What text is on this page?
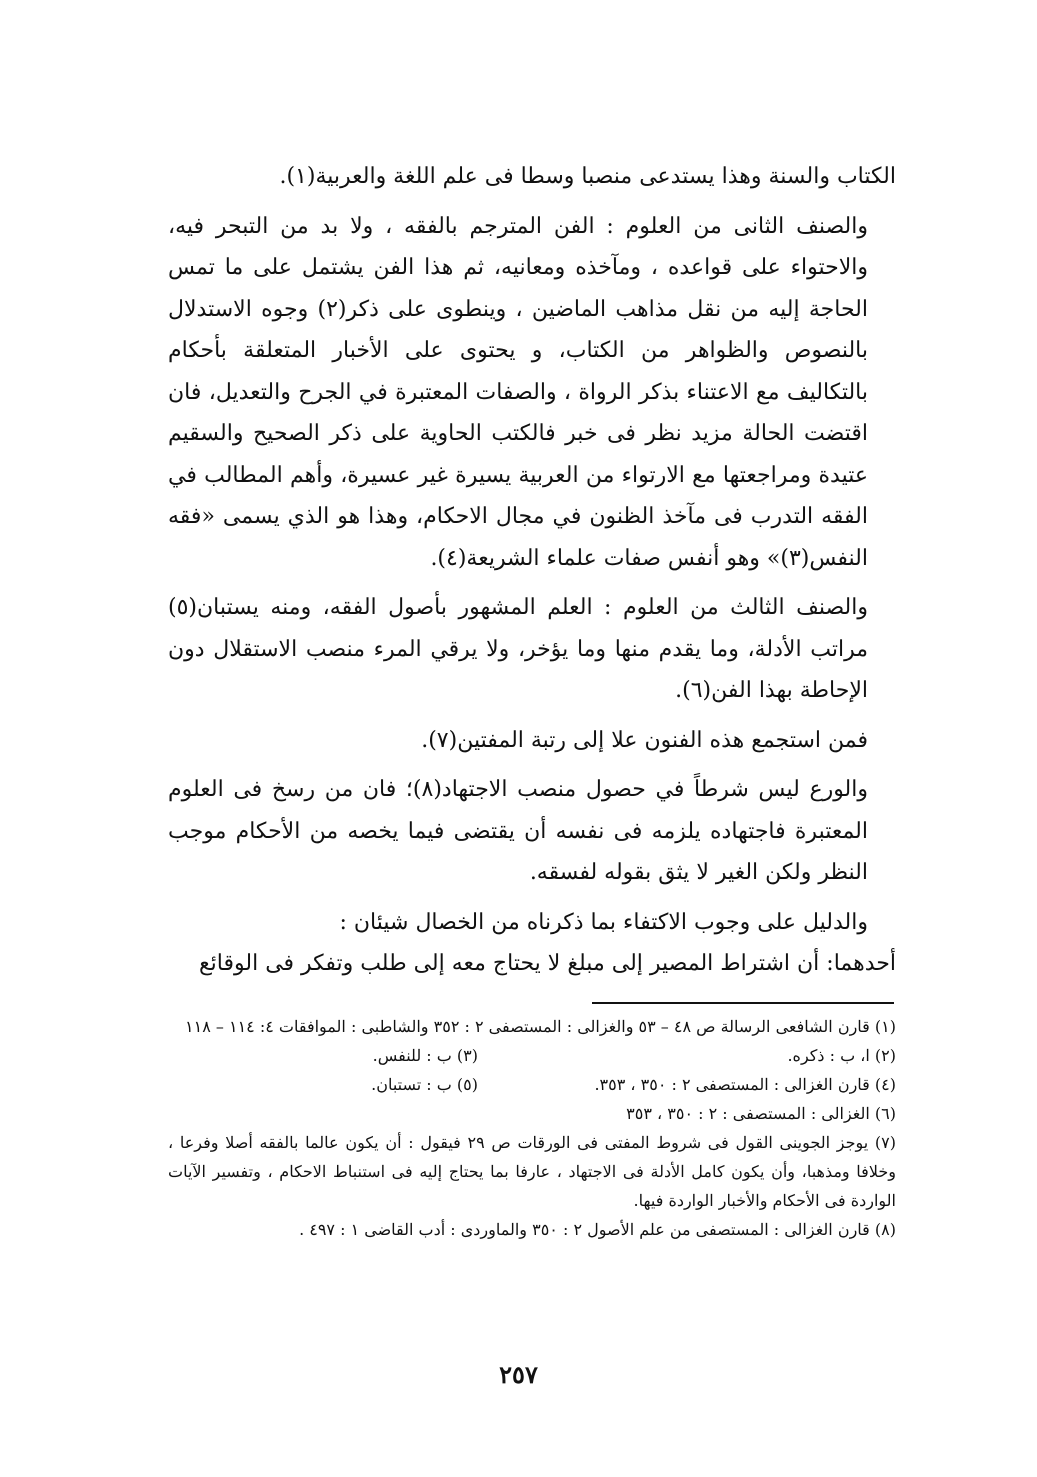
الكتاب والسنة وهذا يستدعى منصبا وسطا فى علم اللغة والعربية(١).

والصنف الثانى من العلوم : الفن المترجم بالفقه ، ولا بد من التبحر فيه، والاحتواء على قواعده ، ومآخذه ومعانيه، ثم هذا الفن يشتمل على ما تمس الحاجة إليه من نقل مذاهب الماضين ، وينطوى على ذكر(٢) وجوه الاستدلال بالنصوص والظواهر من الكتاب، و يحتوى على الأخبار المتعلقة بأحكام بالتكاليف مع الاعتناء بذكر الرواة ، والصفات المعتبرة في الجرح والتعديل، فان اقتضت الحالة مزيد نظر فى خبر فالكتب الحاوية على ذكر الصحيح والسقيم عتيدة ومراجعتها مع الارتواء من العربية يسيرة غير عسيرة، وأهم المطالب في الفقه التدرب فى مآخذ الظنون في مجال الاحكام، وهذا هو الذي يسمى «فقه النفس(٣)» وهو أنفس صفات علماء الشريعة(٤).

والصنف الثالث من العلوم : العلم المشهور بأصول الفقه، ومنه يستبان(٥) مراتب الأدلة، وما يقدم منها وما يؤخر، ولا يرقي المرء منصب الاستقلال دون الإحاطة بهذا الفن(٦).

فمن استجمع هذه الفنون علا إلى رتبة المفتين(٧).

والورع ليس شرطاً في حصول منصب الاجتهاد(٨)؛ فان من رسخ فى العلوم المعتبرة فاجتهاده يلزمه فى نفسه أن يقتضى فيما يخصه من الأحكام موجب النظر ولكن الغير لا يثق بقوله لفسقه.

والدليل على وجوب الاكتفاء بما ذكرناه من الخصال شيئان :

أحدهما: أن اشتراط المصير إلى مبلغ لا يحتاج معه إلى طلب وتفكر فى الوقائع

(١) قارن الشافعى الرسالة ص ٤٨ – ٥٣ والغزالى : المستصفى ٢ : ٣٥٢ والشاطبى : الموافقات ٤: ١١٤ – ١١٨

(٢) ا، ب : ذكره.
(٣) ب : للنفس.
(٤) قارن الغزالى : المستصفى ٢ : ٣٥٠ ، ٣٥٣.
(٥) ب : تستبان.

(٦) الغزالى : المستصفى : ٢ : ٣٥٠ ، ٣٥٣

(٧) يوجز الجوينى القول فى شروط المفتى فى الورقات ص ٢٩ فيقول : أن يكون عالما بالفقه أصلا وفرعا ، وخلافا ومذهبا، وأن يكون كامل الأدلة فى الاجتهاد ، عارفا بما يحتاج إليه فى استنباط الاحكام ، وتفسير الآيات الواردة فى الأحكام والأخبار الواردة فيها.

(٨) قارن الغزالى : المستصفى من علم الأصول ٢ : ٣٥٠ والماوردى : أدب القاضى ١ : ٤٩٧ .

٢٥٧
